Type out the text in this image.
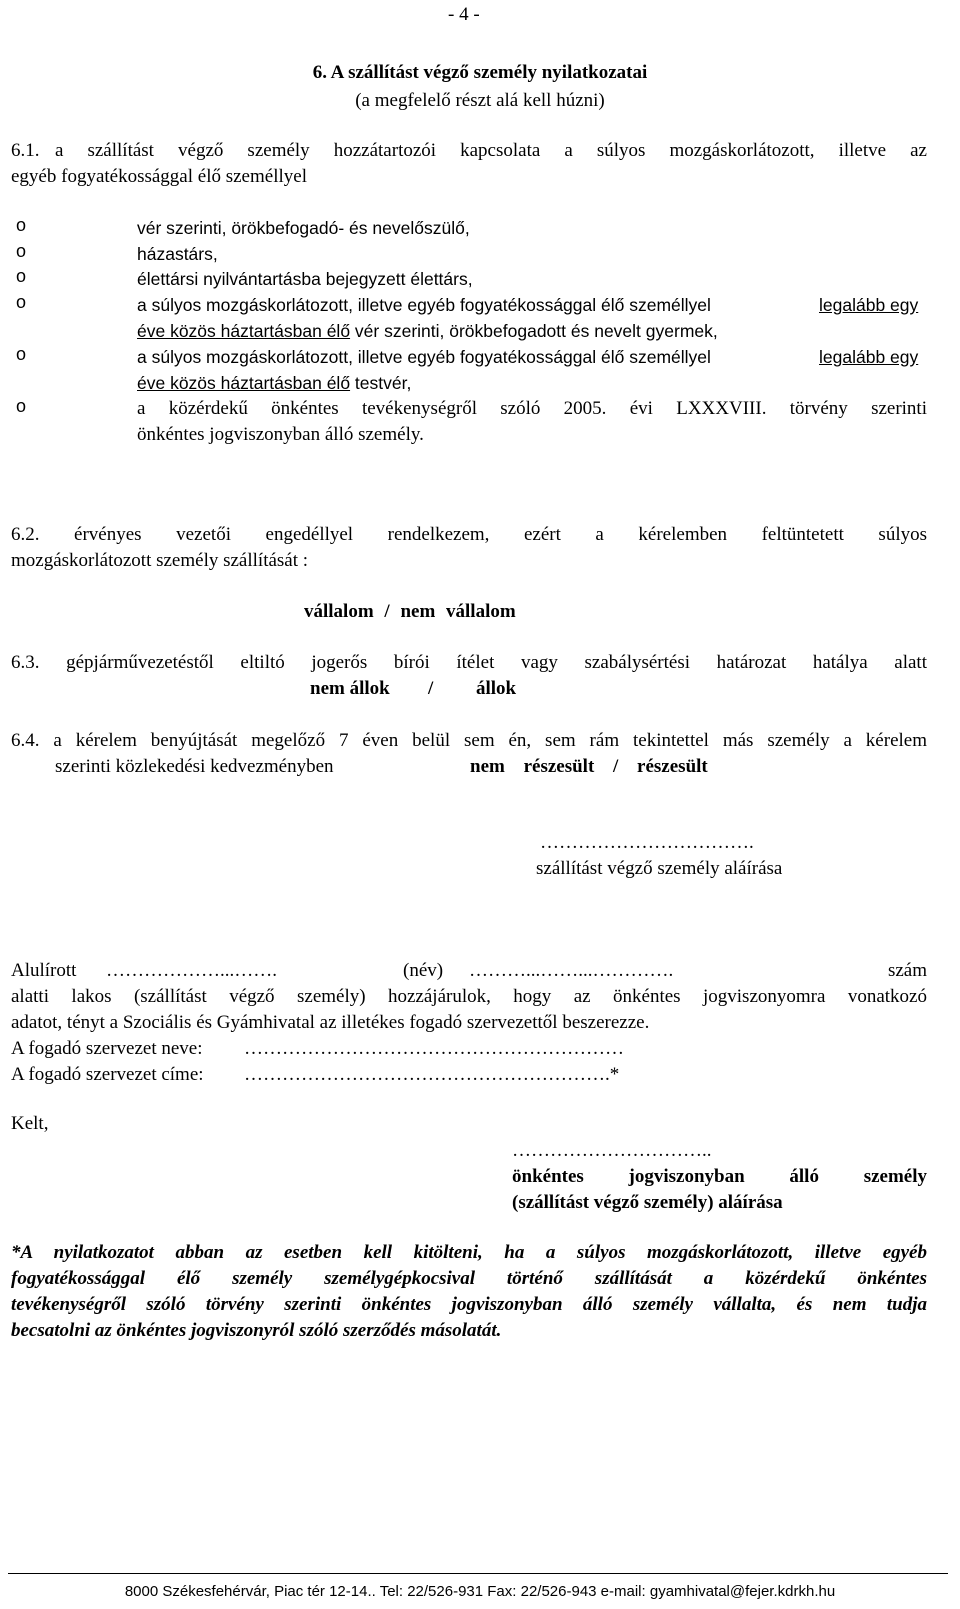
- 4 -
6. A szállítást végző személy nyilatkozatai
(a megfelelő részt alá kell húzni)
6.1. a szállítást végző személy hozzátartozói kapcsolata a súlyos mozgáskorlátozott, illetve az
egyéb fogyatékossággal élő személlyel
o	vér szerinti, örökbefogadó- és nevelőszülő,
o	házastárs,
o	élettársi nyilvántartásba bejegyzett élettárs,
o	a súlyos mozgáskorlátozott, illetve egyéb fogyatékossággal élő személlyel	legalább egy
éve közös háztartásban élő vér szerinti, örökbefogadott és nevelt gyermek,
o	a súlyos mozgáskorlátozott, illetve egyéb fogyatékossággal élő személlyel	legalább egy
éve közös háztartásban élő testvér,
o	a közérdekű önkéntes tevékenységről szóló 2005. évi LXXXVIII. törvény szerinti
önkéntes jogviszonyban álló személy.
6.2. érvényes vezetői engedéllyel rendelkezem, ezért a kérelemben feltüntetett súlyos
mozgáskorlátozott személy szállítását :
vállalom / nem vállalom
6.3. gépjárművezetéstől eltiltó jogerős bírói ítélet vagy szabálysértési határozat hatálya alatt
nem állok / állok
6.4. a kérelem benyújtását megelőző 7 éven belül sem én, sem rám tekintettel más személy a kérelem
szerinti közlekedési kedvezményben	nem részesült / részesült
…………………………….
szállítást végző személy aláírása
Alulírott ………………...…….	(név) ………...……...………….	szám
alatti lakos (szállítást végző személy) hozzájárulok, hogy az önkéntes jogviszonyomra vonatkozó
adatot, tényt a Szociális és Gyámhivatal az illetékes fogadó szervezettől beszerezze.
A fogadó szervezet neve: ……………………………………………………
A fogadó szervezet címe: ………………………………………………….*
Kelt,
…………………………..
önkéntes jogviszonyban álló személy
(szállítást végző személy) aláírása
*A nyilatkozatot abban az esetben kell kitölteni, ha a súlyos mozgáskorlátozott, illetve egyéb
fogyatékossággal élő személy személygépkocsival történő szállítását a közérdekű önkéntes
tevékenységről szóló törvény szerinti önkéntes jogviszonyban álló személy vállalta, és nem tudja
becsatolni az önkéntes jogviszonyról szóló szerződés másolatát.
8000 Székesfehérvár, Piac tér 12-14.. Tel: 22/526-931 Fax: 22/526-943 e-mail: gyamhivatal@fejer.kdrkh.hu
